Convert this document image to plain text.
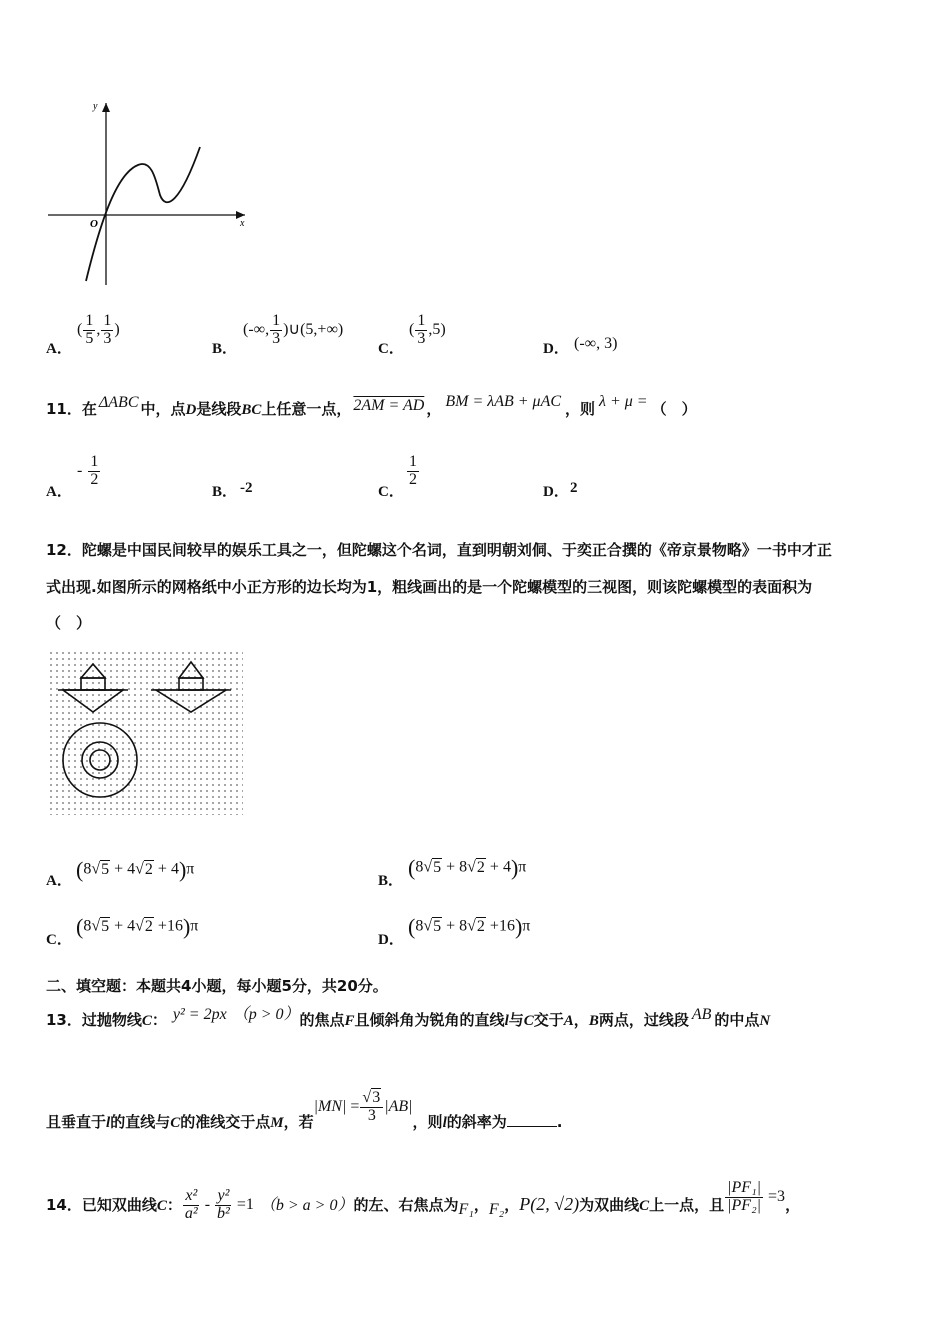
y
x
O
A．
( $\frac{1}{5}$ , $\frac{1}{3}$ )
B．
(-∞, $\frac{1}{3}$ )∪(5,+∞)
C．
( $\frac{1}{3} ,5$)
D． (-∞, 3)
11．在 ΔABC 中，点D是线段BC上任意一点， 2AM = AD ， BM = λAB + μAC ，则 λ + μ = （　）
A．
- $\frac{1}{2}$
B． -2	C．
$\frac{1}{2}$
D． 2
12．陀螺是中国民间较早的娱乐工具之一，但陀螺这个名词，直到明朝刘侗、于奕正合撰的《帝京景物略》一书中才正
式出现.如图所示的网格纸中小正方形的边长均为1，粗线画出的是一个陀螺模型的三视图，则该陀螺模型的表面积为
（　）
A． (8√5 + 4√2 + 4)π
B．
(8√5 + 8√2 + 4)π
C．
(8√5 + 4√2 +16)π
D．
(8√5 + 8√2 +16)π
二、填空题：本题共4小题，每小题5分，共20分。
13．过抛物线C： y² = 2px （p > 0）的焦点F且倾斜角为锐角的直线l与C交于A，B两点，过线段 AB 的中点N
且垂直于l的直线与C的准线交于点M，若
$|MN| = \frac{√3}{3} |AB|$
，则l的斜率为	.
14．已知双曲线C： $\frac{\text{x²}}{\text{a²}} - \frac{\text{y²}}{\text{b²}} =1$ （b > a > 0）的左、右焦点为F₁，F₂，P(2, √2)为双曲线C上一点，且 $\frac{\text{|PF₁|}}{\text{|PF₂|}} =3$，
